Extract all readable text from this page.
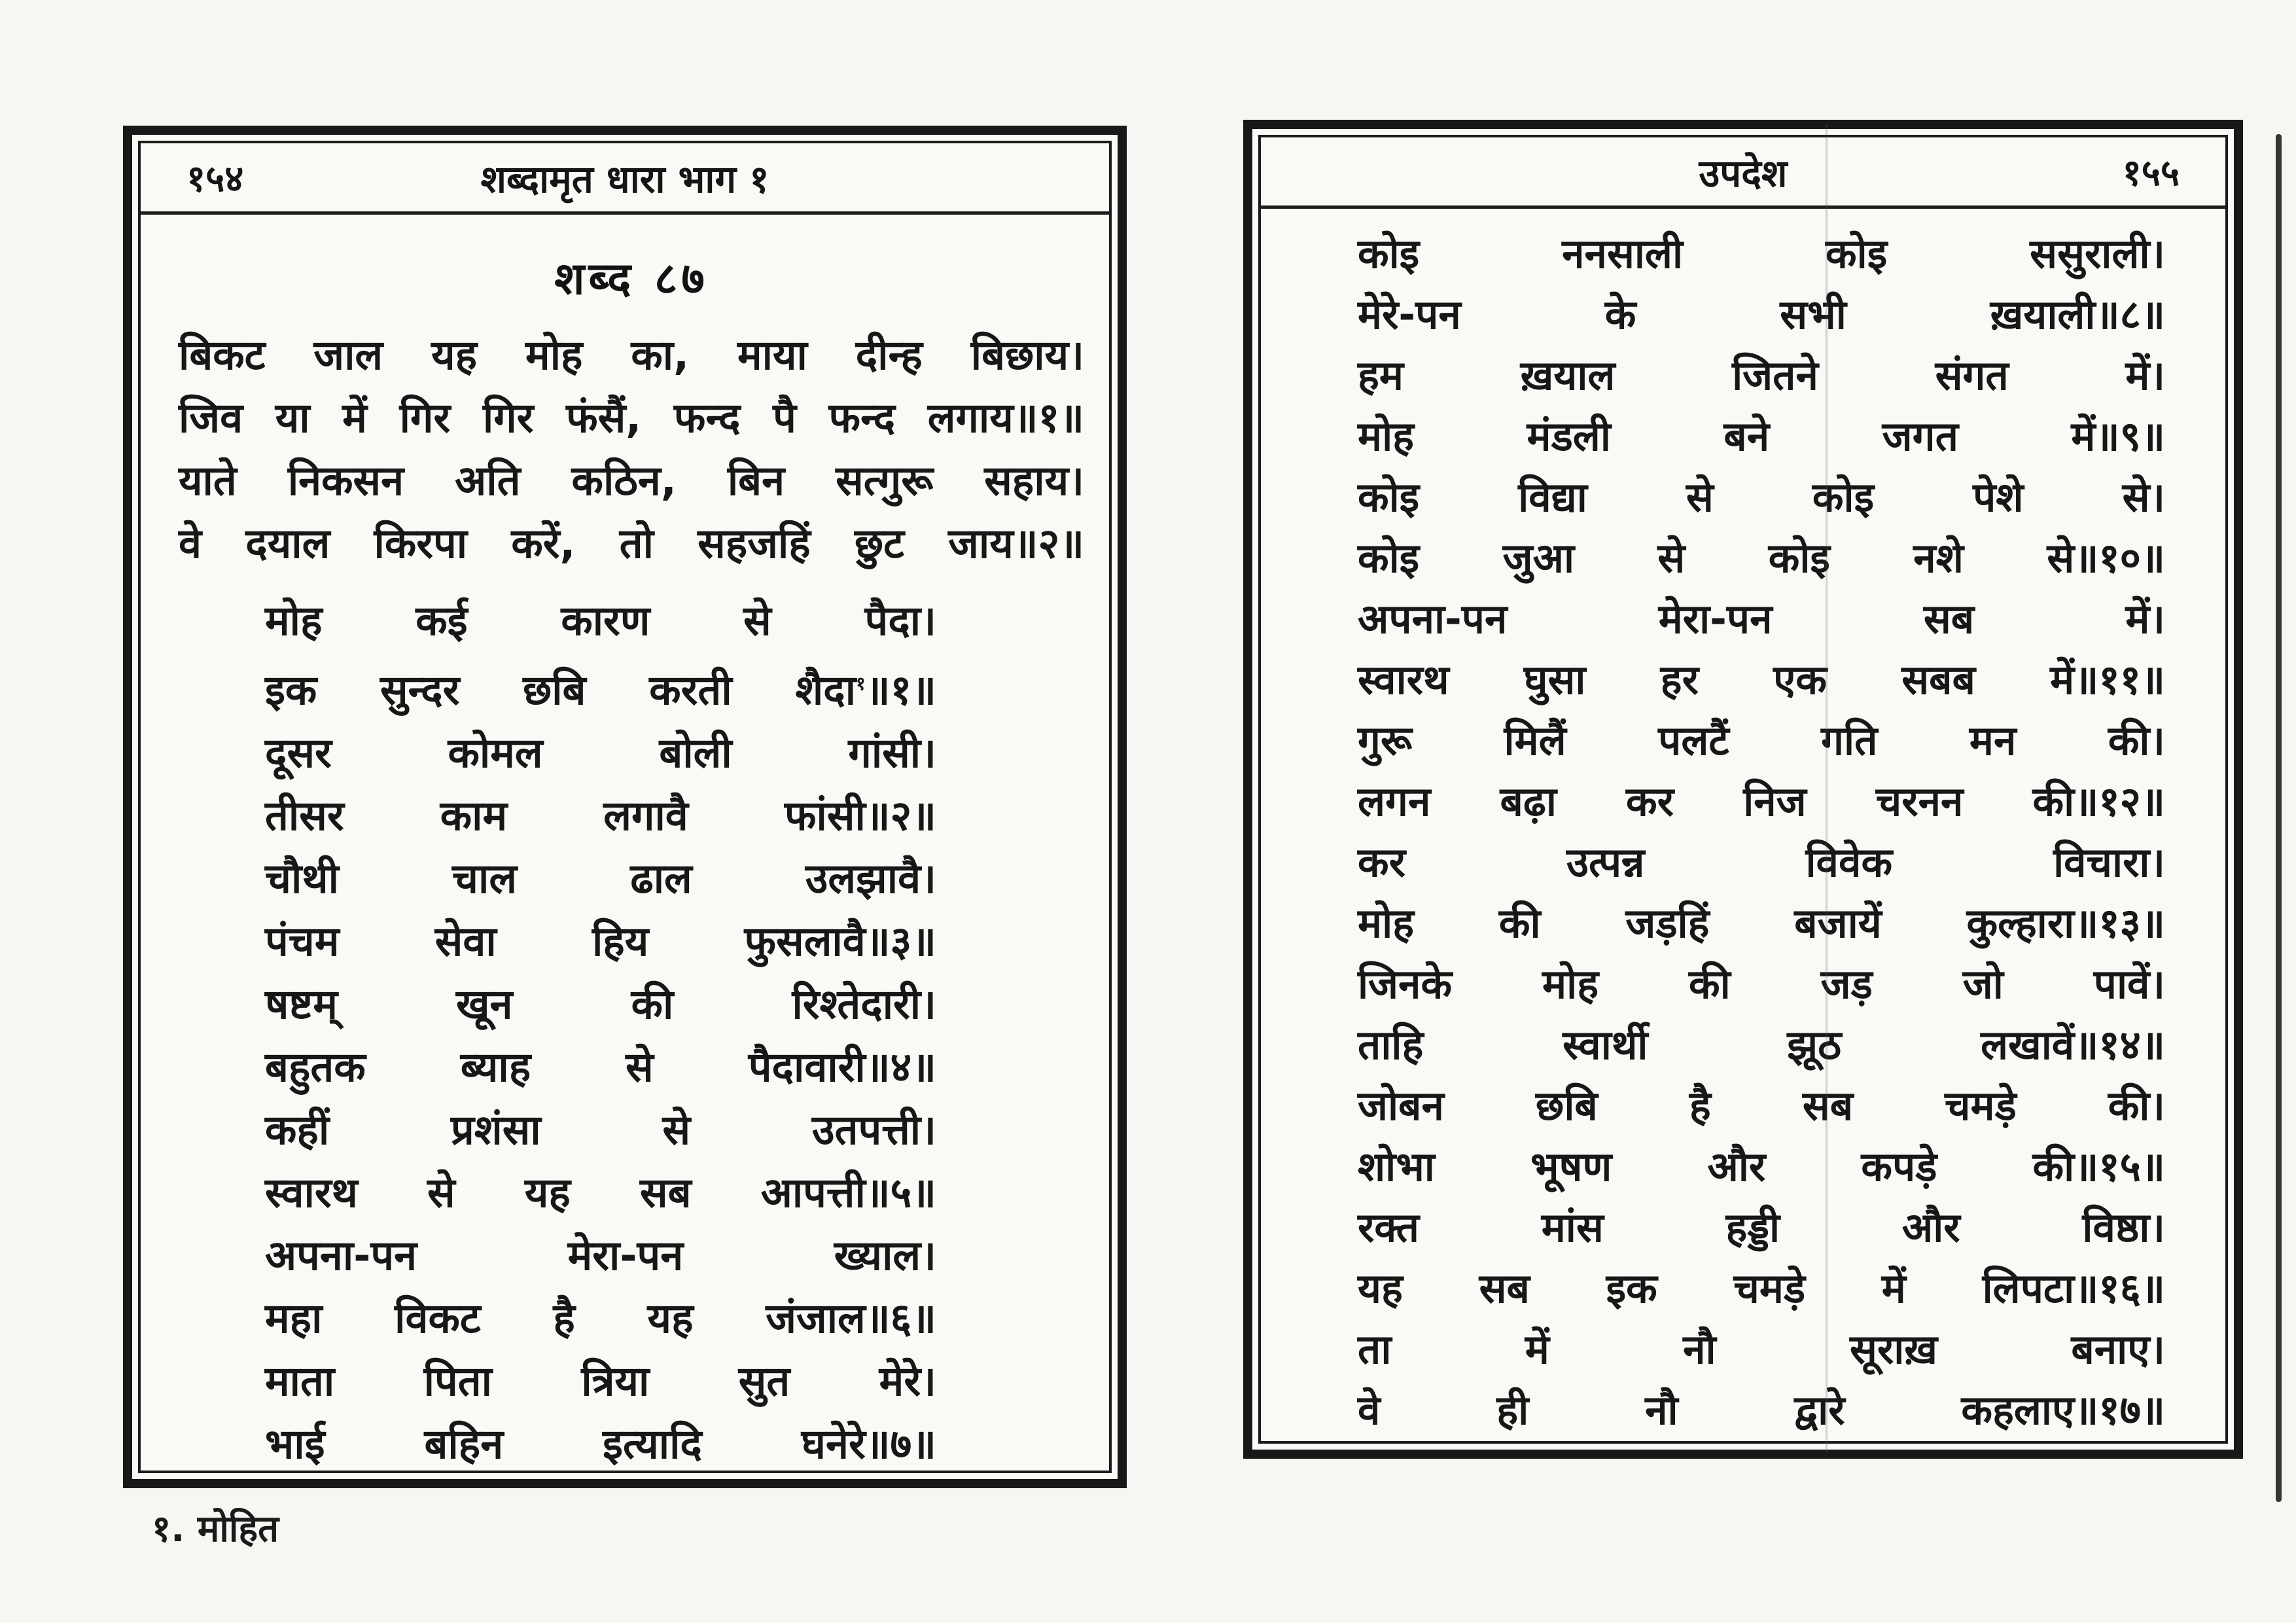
१५४	शब्दामृत धारा भाग १
शब्द ८७
बिकट जाल यह मोह का, माया दीन्ह बिछाय।
जिव या में गिर गिर फंसैं, फन्द पै फन्द लगाय॥१॥
याते निकसन अति कठिन, बिन सत्गुरू सहाय।
वे दयाल किरपा करें, तो सहजहिं छुट जाय॥२॥
मोह कई कारण से पैदा।
इक सुन्दर छबि करती शैदा$^१$॥१॥
दूसर कोमल बोली गांसी।
तीसर काम लगावै फांसी॥२॥
चौथी चाल ढाल उलझावै।
पंचम सेवा हिय फुसलावै॥३॥
षष्टम् खून की रिश्तेदारी।
बहुतक ब्याह से पैदावारी॥४॥
कहीं प्रशंसा से उतपत्ती।
स्वारथ से यह सब आपत्ती॥५॥
अपना-पन मेरा-पन ख्याल।
महा विकट है यह जंजाल॥६॥
माता पिता त्रिया सुत मेरे।
भाई बहिन इत्यादि घनेरे॥७॥
१. मोहित
उपदेश	१५५
कोइ ननसाली कोइ ससुराली।
मेरे-पन के सभी ख़याली॥८॥
हम ख़याल जितने संगत में।
मोह मंडली बने जगत में॥९॥
कोइ विद्या से कोइ पेशे से।
कोइ जुआ से कोइ नशे से॥१०॥
अपना-पन मेरा-पन सब में।
स्वारथ घुसा हर एक सबब में॥११॥
गुरू मिलैं पलटैं गति मन की।
लगन बढ़ा कर निज चरनन की॥१२॥
कर उत्पन्न विवेक विचारा।
मोह की जड़हिं बजायें कुल्हारा॥१३॥
जिनके मोह की जड़ जो पावें।
ताहि स्वार्थी झूठ लखावें॥१४॥
जोबन छबि है सब चमड़े की।
शोभा भूषण और कपड़े की॥१५॥
रक्त मांस हड्डी और विष्ठा।
यह सब इक चमड़े में लिपटा॥१६॥
ता में नौ सूराख़ बनाए।
वे ही नौ द्वारे कहलाए॥१७॥
